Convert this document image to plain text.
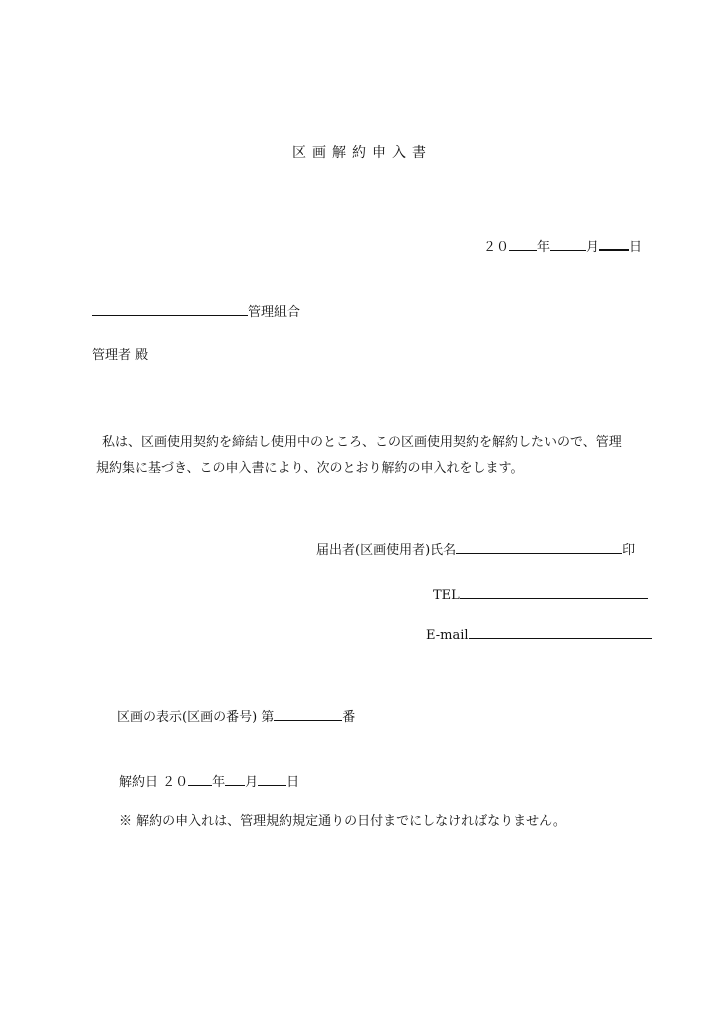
区画解約申入書
２０ 年	月 日
管理組合
管理者 殿
私は、区画使用契約を締結し使用中のところ、この区画使用契約を解約したいので、管理
規約集に基づき、この申入書により、次のとおり解約の申入れをします。
届出者(区画使用者)氏名	印
TEL
E-mail
区画の表示(区画の番号) 第	番
解約日 ２０ 年 月 日
※ 解約の申入れは、管理規約規定通りの日付までにしなければなりません。
